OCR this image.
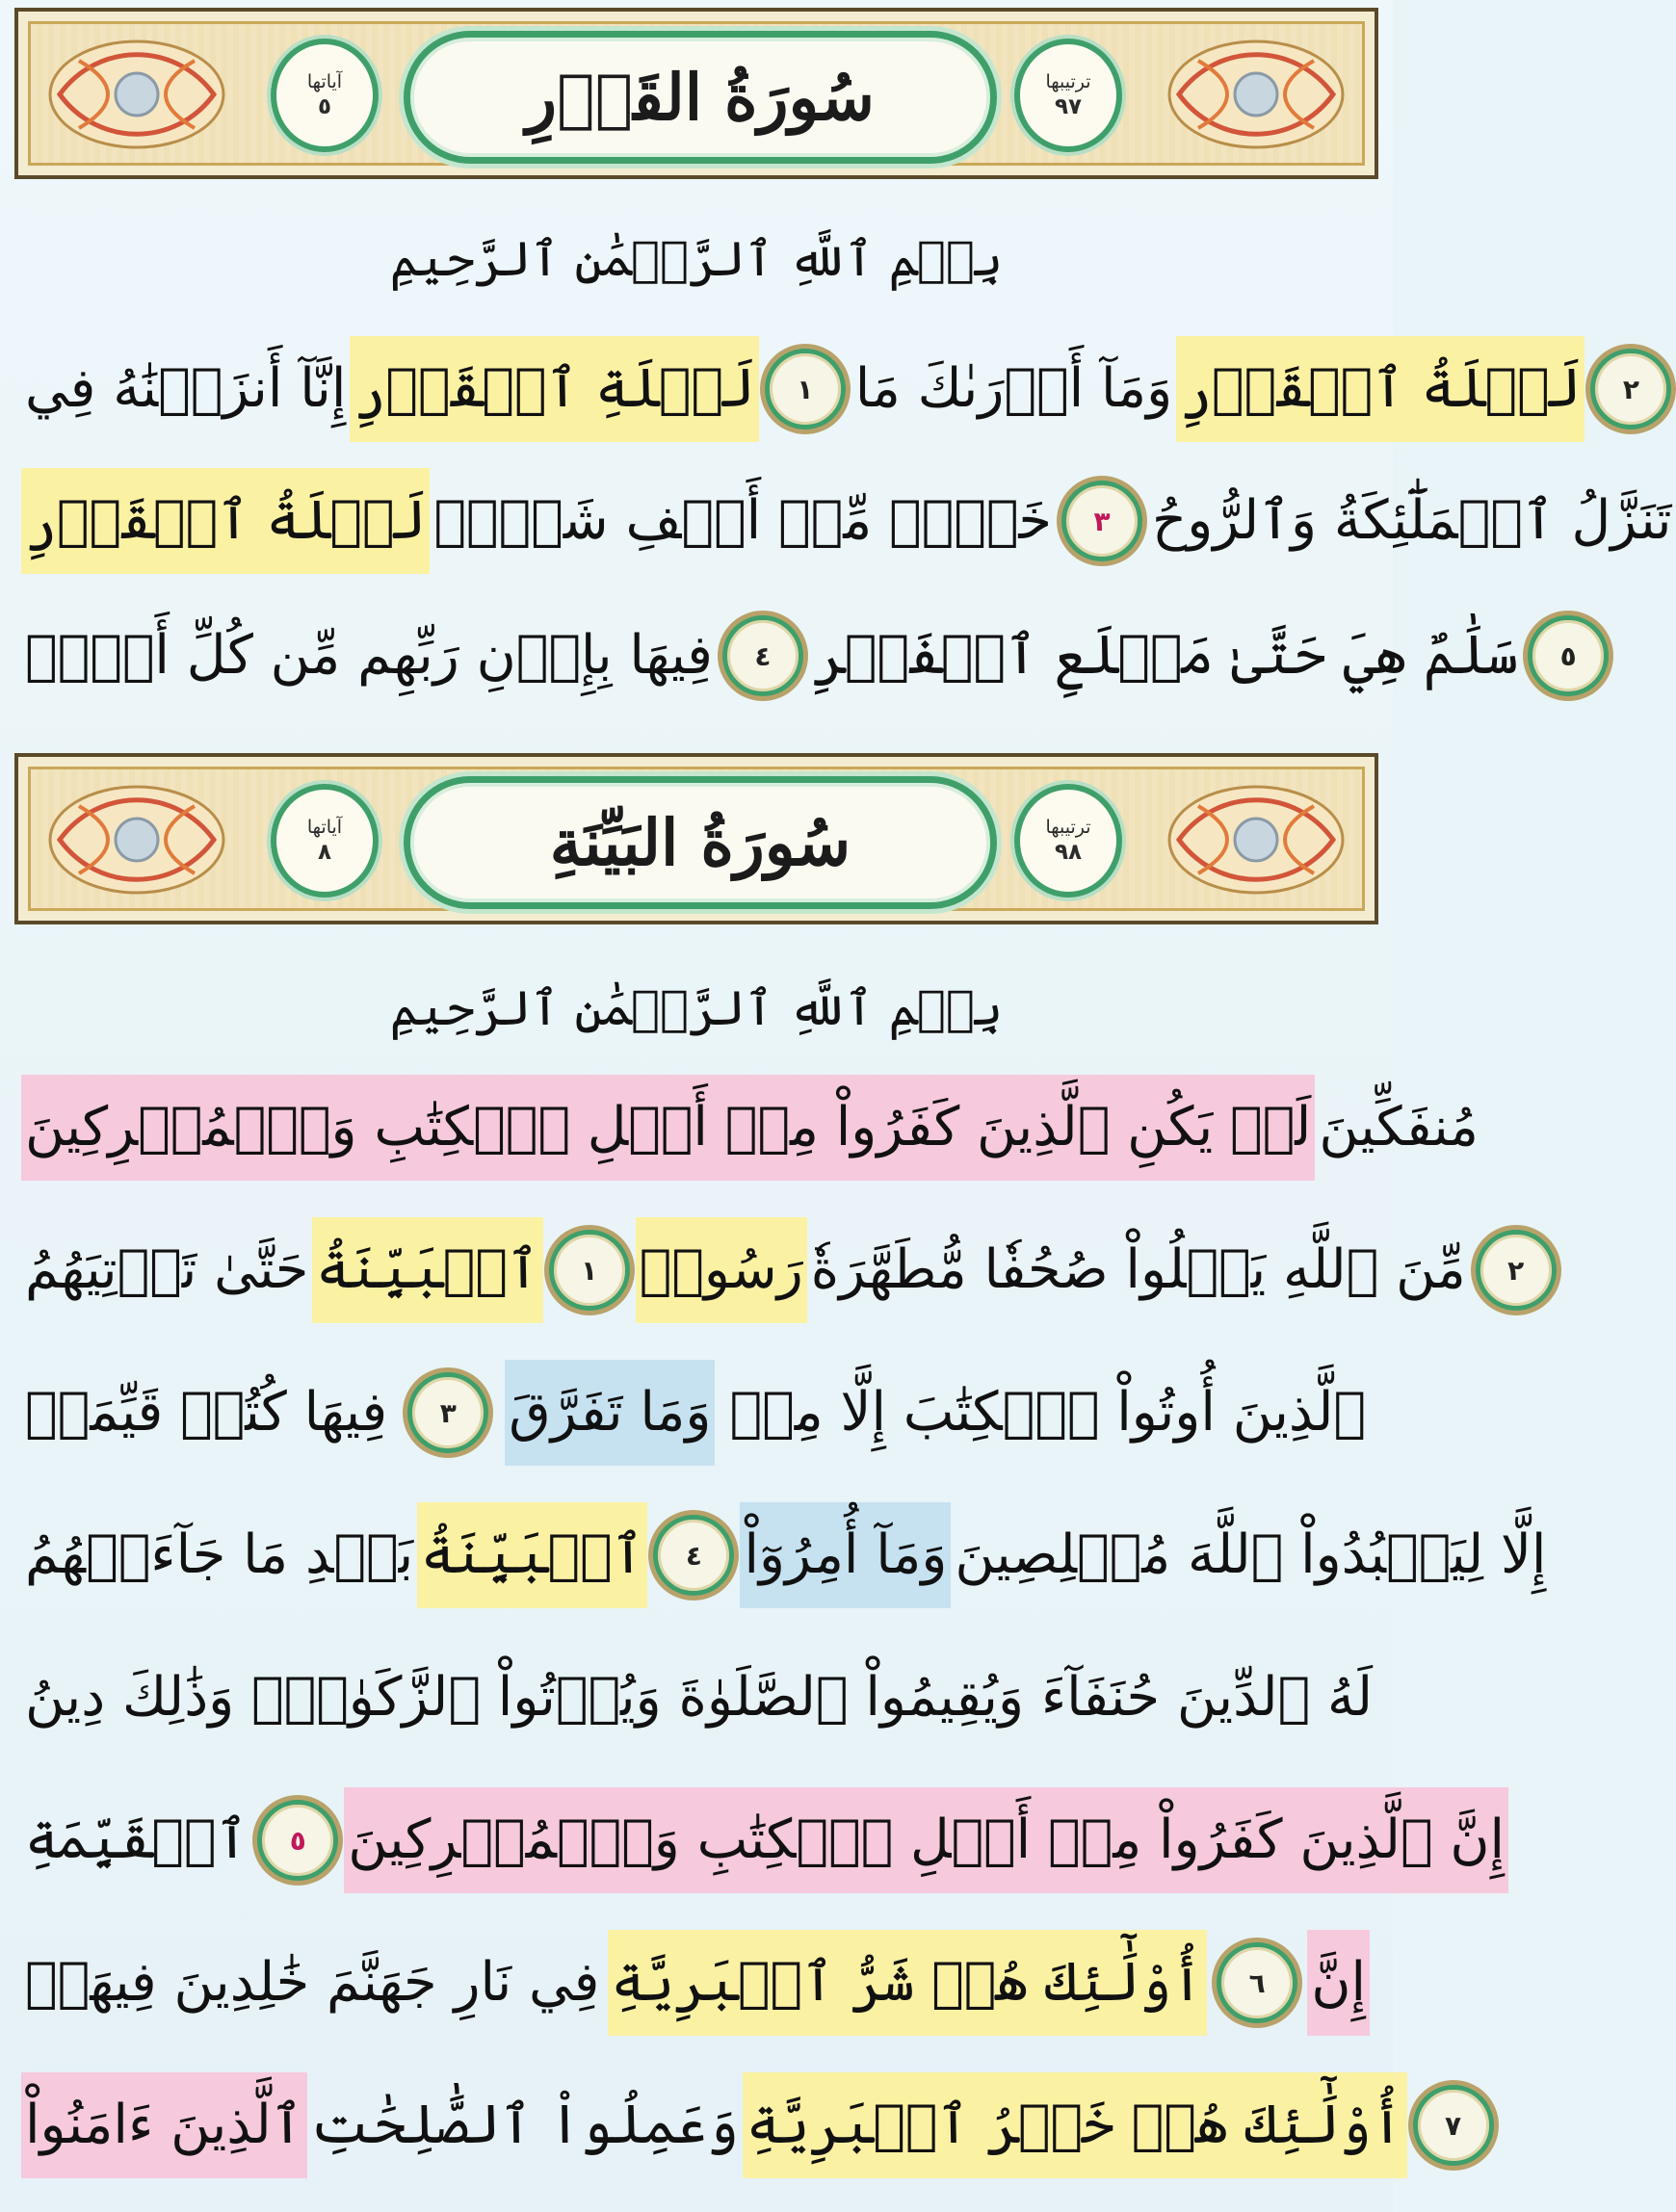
آياتها
٥	سُورَةُ القَدۡرِ	ترتيبها
٩٧
بِسۡمِ ٱللَّهِ ٱلرَّحۡمَٰنِ ٱلرَّحِيمِ
إِنَّآ أَنزَلۡنَٰهُ فِي لَيۡلَةِ ٱلۡقَدۡرِ	١ وَمَآ أَدۡرَىٰكَ مَا لَيۡلَةُ ٱلۡقَدۡرِ	٢
لَيۡلَةُ ٱلۡقَدۡرِ خَيۡرٞ مِّنۡ أَلۡفِ شَهۡرٖ	٣ تَنَزَّلُ ٱلۡمَلَٰٓئِكَةُ وَٱلرُّوحُ
فِيهَا بِإِذۡنِ رَبِّهِم مِّن كُلِّ أَمۡرٖ	٤ سَلَٰمٌ هِيَ حَتَّىٰ مَطۡلَعِ ٱلۡفَجۡرِ	٥
آياتها
٨	سُورَةُ البَيِّنَةِ	ترتيبها
٩٨
بِسۡمِ ٱللَّهِ ٱلرَّحۡمَٰنِ ٱلرَّحِيمِ
لَمۡ يَكُنِ ٱلَّذِينَ كَفَرُواْ مِنۡ أَهۡلِ ٱلۡكِتَٰبِ وَٱلۡمُشۡرِكِينَ مُنفَكِّينَ
حَتَّىٰ تَأۡتِيَهُمُ ٱلۡبَيِّنَةُ	١ رَسُولٞ مِّنَ ٱللَّهِ يَتۡلُواْ صُحُفٗا مُّطَهَّرَةٗ	٢
فِيهَا كُتُبٞ قَيِّمَةٞ	٣ وَمَا تَفَرَّقَ ٱلَّذِينَ أُوتُواْ ٱلۡكِتَٰبَ إِلَّا مِنۢ
بَعۡدِ مَا جَآءَتۡهُمُ ٱلۡبَيِّنَةُ	٤ وَمَآ أُمِرُوٓاْ إِلَّا لِيَعۡبُدُواْ ٱللَّهَ مُخۡلِصِينَ
لَهُ ٱلدِّينَ حُنَفَآءَ وَيُقِيمُواْ ٱلصَّلَوٰةَ وَيُؤۡتُواْ ٱلزَّكَوٰةَۚ وَذَٰلِكَ دِينُ
ٱلۡقَيِّمَةِ	٥ إِنَّ ٱلَّذِينَ كَفَرُواْ مِنۡ أَهۡلِ ٱلۡكِتَٰبِ وَٱلۡمُشۡرِكِينَ
فِي نَارِ جَهَنَّمَ خَٰلِدِينَ فِيهَآۚ أُوْلَٰٓئِكَ هُمۡ شَرُّ ٱلۡبَرِيَّةِ	٦ إِنَّ
ٱلَّذِينَ ءَامَنُواْ وَعَمِلُواْ ٱلصَّٰلِحَٰتِ أُوْلَٰٓئِكَ هُمۡ خَيۡرُ ٱلۡبَرِيَّةِ	٧
